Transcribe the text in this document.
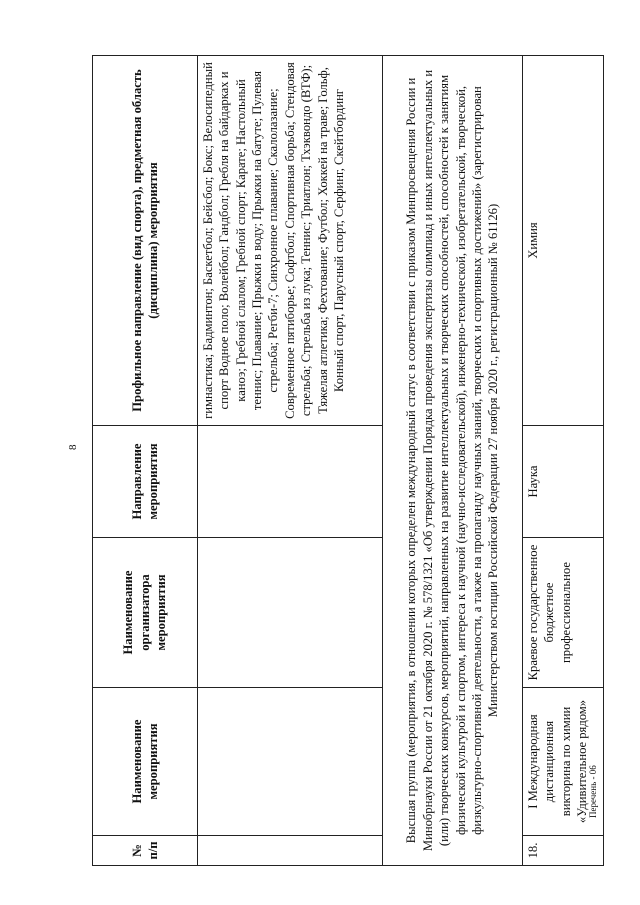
8
Перечень - 06
№ п/п	Наименование мероприятия	Наименование организатора мероприятия	Направление мероприятия	Профильное направление (вид спорта), предметная область (дисциплина) мероприятия
				гимнастика; Бадминтон; Баскетбол; Бейсбол; Бокс; Велосипедный спорт Водное поло; Волейбол; Гандбол; Гребля на байдарках и каноэ; Гребной слалом; Гребной спорт; Карате; Настольный теннис; Плавание; Прыжки в воду; Прыжки на батуте; Пулевая стрельба; Регби-7; Синхронное плавание; Скалолазание; Современное пятиборье; Софтбол; Спортивная борьба; Стендовая стрельба; Стрельба из лука; Теннис; Триатлон; Тхэквондо (ВТФ); Тяжелая атлетика; Фехтование; Футбол; Хоккей на траве; Гольф, Конный спорт, Парусный спорт, Серфинг, Скейтбординг
Высшая группа (мероприятия, в отношении которых определен международный статус в соответствии с приказом Минпросвещения России и Минобрнауки России от 21 октября 2020 г. № 578/1321 «Об утверждении Порядка проведения экспертизы олимпиад и иных интеллектуальных и (или) творческих конкурсов, мероприятий, направленных на развитие интеллектуальных и творческих способностей, способностей к занятиям физической культурой и спортом, интереса к научной (научно-исследовательской), инженерно-технической, изобретательской, творческой, физкультурно-спортивной деятельности, а также на пропаганду научных знаний, творческих и спортивных достижений» (зарегистрирован Министерством юстиции Российской Федерации 27 ноября 2020 г., регистрационный № 61126)				
18.	I Международная дистанционная викторина по химии «Удивительное рядом»	Краевое государственное бюджетное профессиональное	Наука	Химия
